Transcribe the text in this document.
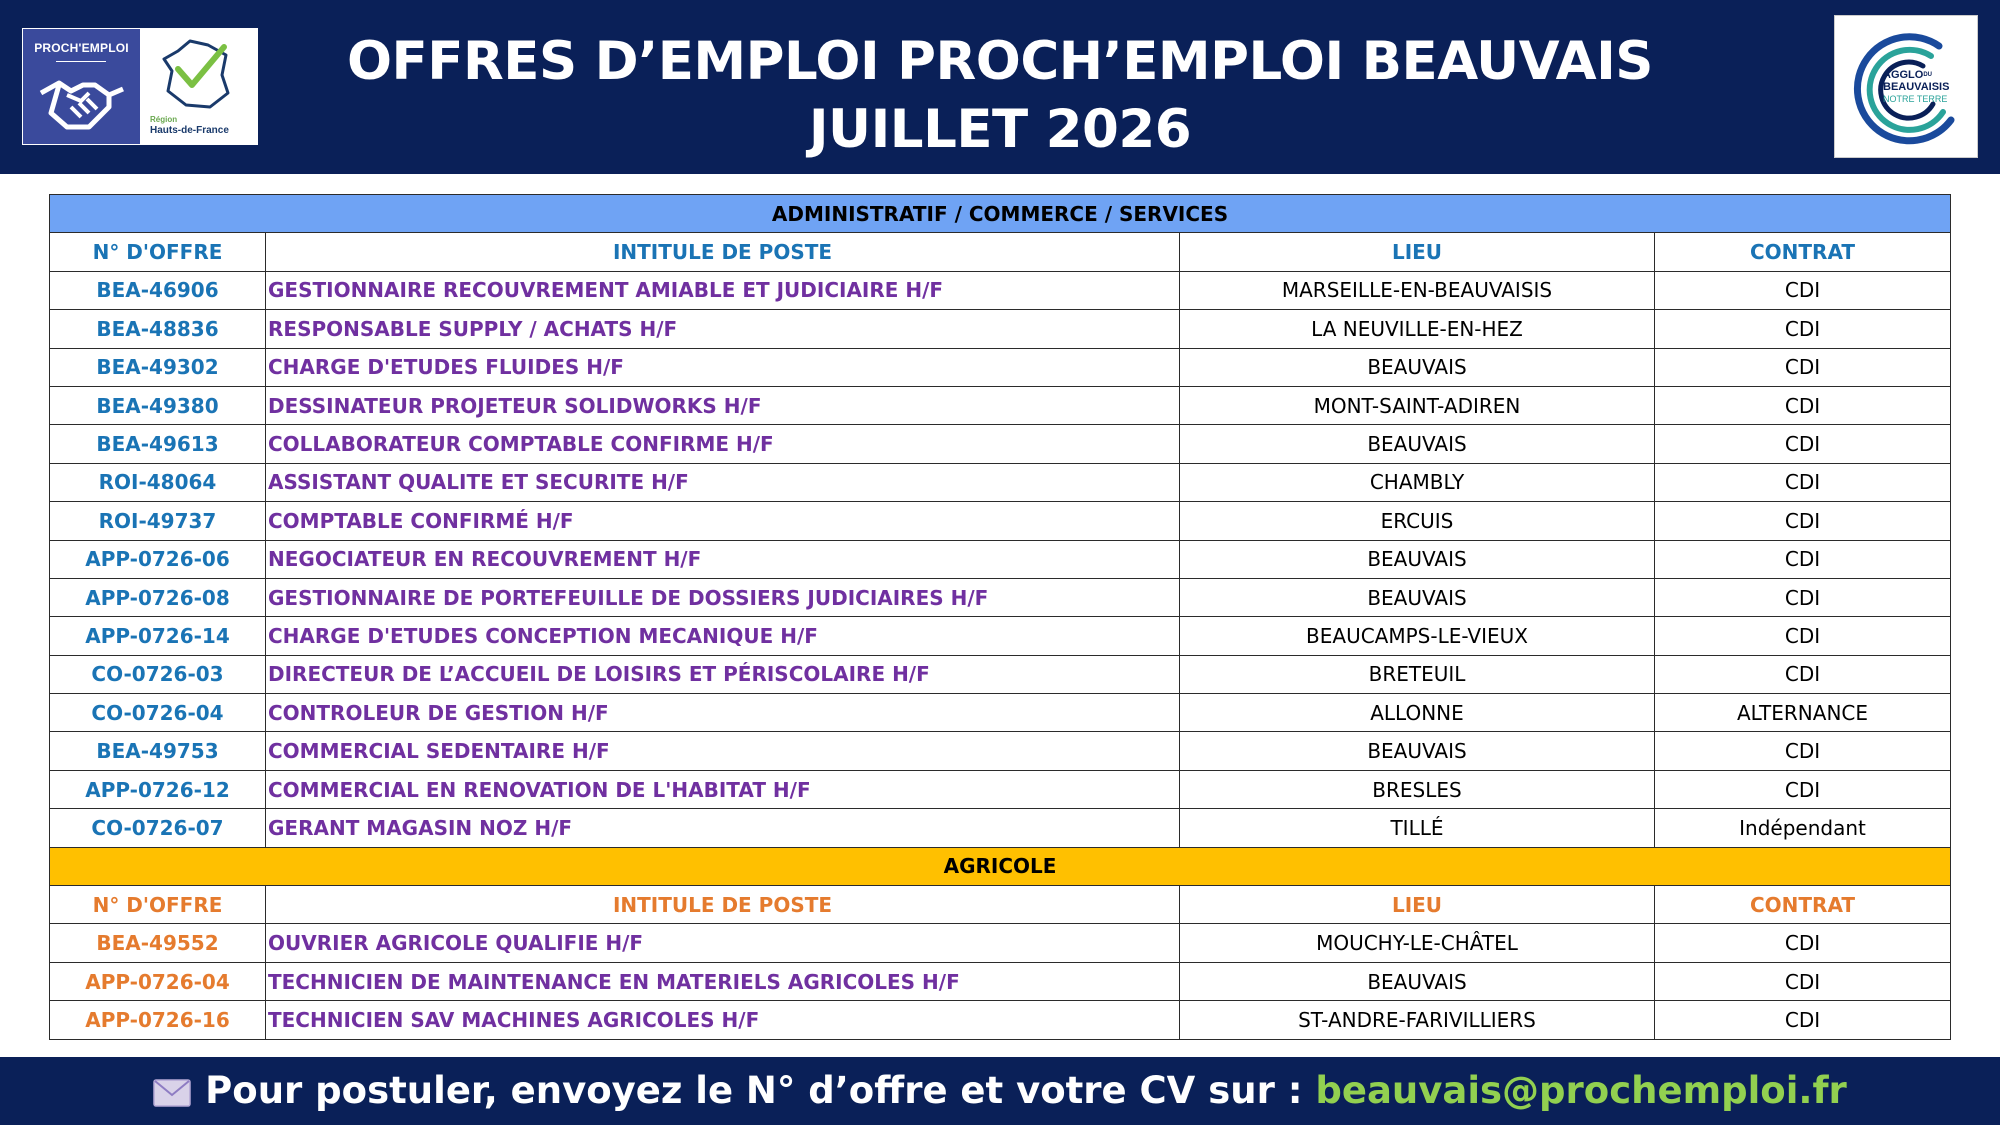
PROCH'EMPLOI
Région
Hauts-de-France
OFFRES D’EMPLOI PROCH’EMPLOI BEAUVAIS
JUILLET 2026
$AGGLO^{DU}$
BEAUVAISIS
NOTRE TERRE
ADMINISTRATIF / COMMERCE / SERVICES			
N° D'OFFRE	INTITULE DE POSTE	LIEU	CONTRAT
BEA-46906	GESTIONNAIRE RECOUVREMENT AMIABLE ET JUDICIAIRE H/F	MARSEILLE-EN-BEAUVAISIS	CDI
BEA-48836	RESPONSABLE SUPPLY / ACHATS H/F	LA NEUVILLE-EN-HEZ	CDI
BEA-49302	CHARGE D'ETUDES FLUIDES H/F	BEAUVAIS	CDI
BEA-49380	DESSINATEUR PROJETEUR SOLIDWORKS H/F	MONT-SAINT-ADIREN	CDI
BEA-49613	COLLABORATEUR COMPTABLE CONFIRME H/F	BEAUVAIS	CDI
ROI-48064	ASSISTANT QUALITE ET SECURITE H/F	CHAMBLY	CDI
ROI-49737	COMPTABLE CONFIRMÉ H/F	ERCUIS	CDI
APP-0726-06	NEGOCIATEUR EN RECOUVREMENT H/F	BEAUVAIS	CDI
APP-0726-08	GESTIONNAIRE DE PORTEFEUILLE DE DOSSIERS JUDICIAIRES H/F	BEAUVAIS	CDI
APP-0726-14	CHARGE D'ETUDES CONCEPTION MECANIQUE H/F	BEAUCAMPS-LE-VIEUX	CDI
CO-0726-03	DIRECTEUR DE L’ACCUEIL DE LOISIRS ET PÉRISCOLAIRE H/F	BRETEUIL	CDI
CO-0726-04	CONTROLEUR DE GESTION H/F	ALLONNE	ALTERNANCE
BEA-49753	COMMERCIAL SEDENTAIRE H/F	BEAUVAIS	CDI
APP-0726-12	COMMERCIAL EN RENOVATION DE L'HABITAT H/F	BRESLES	CDI
CO-0726-07	GERANT MAGASIN NOZ H/F	TILLÉ	Indépendant
AGRICOLE			
N° D'OFFRE	INTITULE DE POSTE	LIEU	CONTRAT
BEA-49552	OUVRIER AGRICOLE QUALIFIE H/F	MOUCHY-LE-CHÂTEL	CDI
APP-0726-04	TECHNICIEN DE MAINTENANCE EN MATERIELS AGRICOLES H/F	BEAUVAIS	CDI
APP-0726-16	TECHNICIEN SAV MACHINES AGRICOLES H/F	ST-ANDRE-FARIVILLIERS	CDI
Pour postuler, envoyez le N° d’offre et votre CV sur : beauvais@prochemploi.fr
